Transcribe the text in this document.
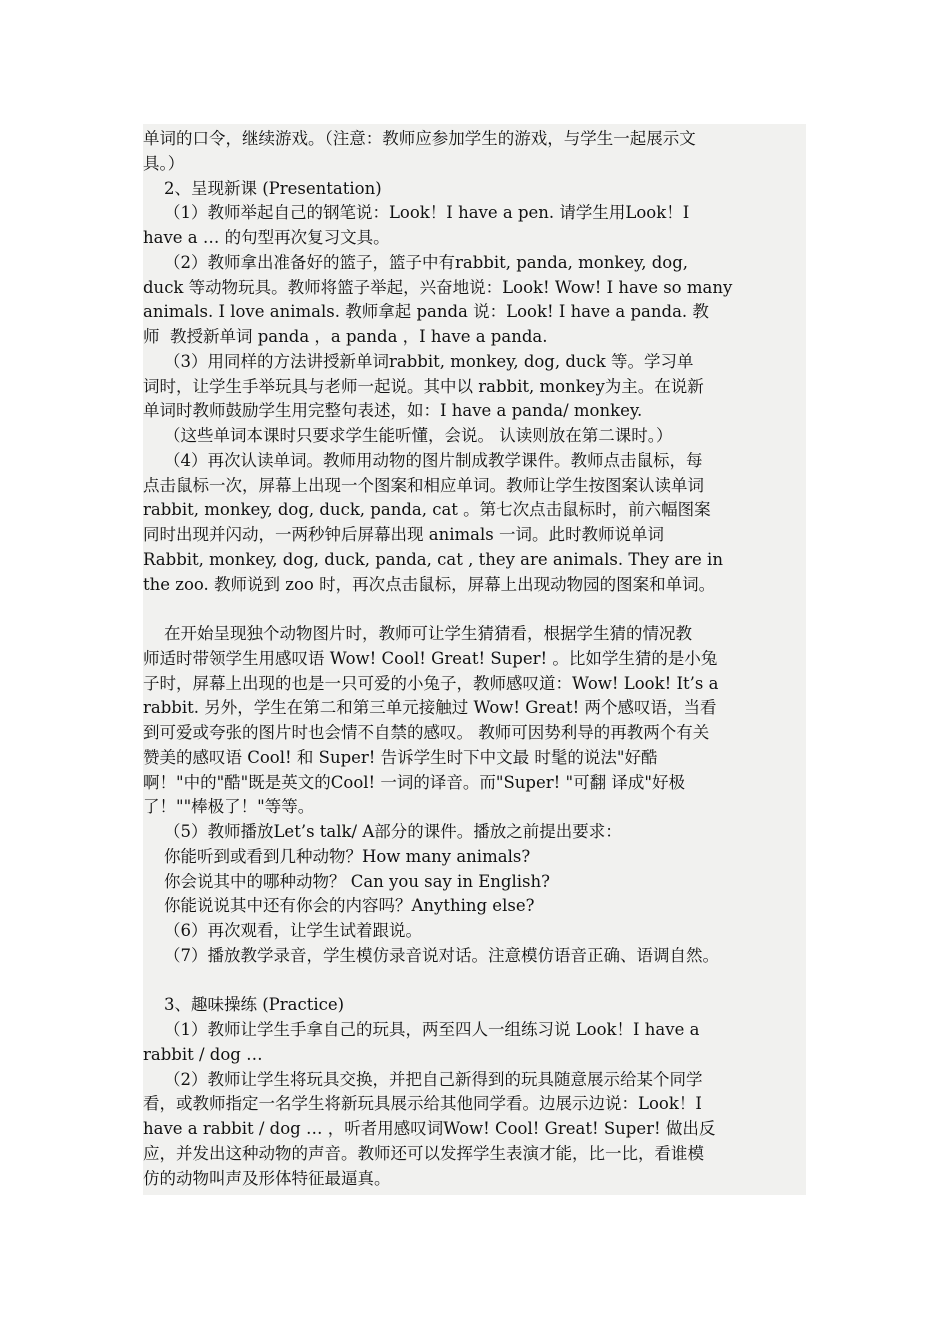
单词的口令，继续游戏。（注意：教师应参加学生的游戏，与学生一起展示文
具。）
2、呈现新课 (Presentation)
（1）教师举起自己的钢笔说：Look！I have a pen. 请学生用Look！I
have a … 的句型再次复习文具。
（2）教师拿出准备好的篮子，篮子中有rabbit, panda, monkey, dog,
duck 等动物玩具。教师将篮子举起，兴奋地说：Look! Wow! I have so many
animals. I love animals. 教师拿起 panda 说：Look! I have a panda. 教
师  教授新单词 panda ，a panda ，I have a panda.
（3）用同样的方法讲授新单词rabbit, monkey, dog, duck 等。学习单
词时，让学生手举玩具与老师一起说。其中以 rabbit, monkey为主。在说新
单词时教师鼓励学生用完整句表述，如：I have a panda/ monkey.
（这些单词本课时只要求学生能听懂，会说。 认读则放在第二课时。）
（4）再次认读单词。教师用动物的图片制成教学课件。教师点击鼠标，每
点击鼠标一次，屏幕上出现一个图案和相应单词。教师让学生按图案认读单词
rabbit, monkey, dog, duck, panda, cat 。第七次点击鼠标时，前六幅图案
同时出现并闪动，一两秒钟后屏幕出现 animals 一词。此时教师说单词
Rabbit, monkey, dog, duck, panda, cat , they are animals. They are in
the zoo. 教师说到 zoo 时，再次点击鼠标，屏幕上出现动物园的图案和单词。
在开始呈现独个动物图片时，教师可让学生猜猜看，根据学生猜的情况教
师适时带领学生用感叹语 Wow! Cool! Great! Super! 。比如学生猜的是小兔
子时，屏幕上出现的也是一只可爱的小兔子，教师感叹道：Wow! Look! It’s a
rabbit. 另外，学生在第二和第三单元接触过 Wow! Great! 两个感叹语，当看
到可爱或夸张的图片时也会情不自禁的感叹。 教师可因势利导的再教两个有关
赞美的感叹语 Cool! 和 Super! 告诉学生时下中文最 时髦的说法"好酷
啊！"中的"酷"既是英文的Cool! 一词的译音。而"Super! "可翻 译成"好极
了！""棒极了！"等等。
（5）教师播放Let’s talk/ A部分的课件。播放之前提出要求：
你能听到或看到几种动物？How many animals?
你会说其中的哪种动物？ Can you say in English?
你能说说其中还有你会的内容吗？Anything else?
（6）再次观看，让学生试着跟说。
（7）播放教学录音，学生模仿录音说对话。注意模仿语音正确、语调自然。
3、趣味操练 (Practice)
（1）教师让学生手拿自己的玩具，两至四人一组练习说 Look！I have a
rabbit / dog …
（2）教师让学生将玩具交换，并把自己新得到的玩具随意展示给某个同学
看，或教师指定一名学生将新玩具展示给其他同学看。边展示边说：Look！I
have a rabbit / dog … ，听者用感叹词Wow! Cool! Great! Super! 做出反
应，并发出这种动物的声音。教师还可以发挥学生表演才能，比一比，看谁模
仿的动物叫声及形体特征最逼真。
